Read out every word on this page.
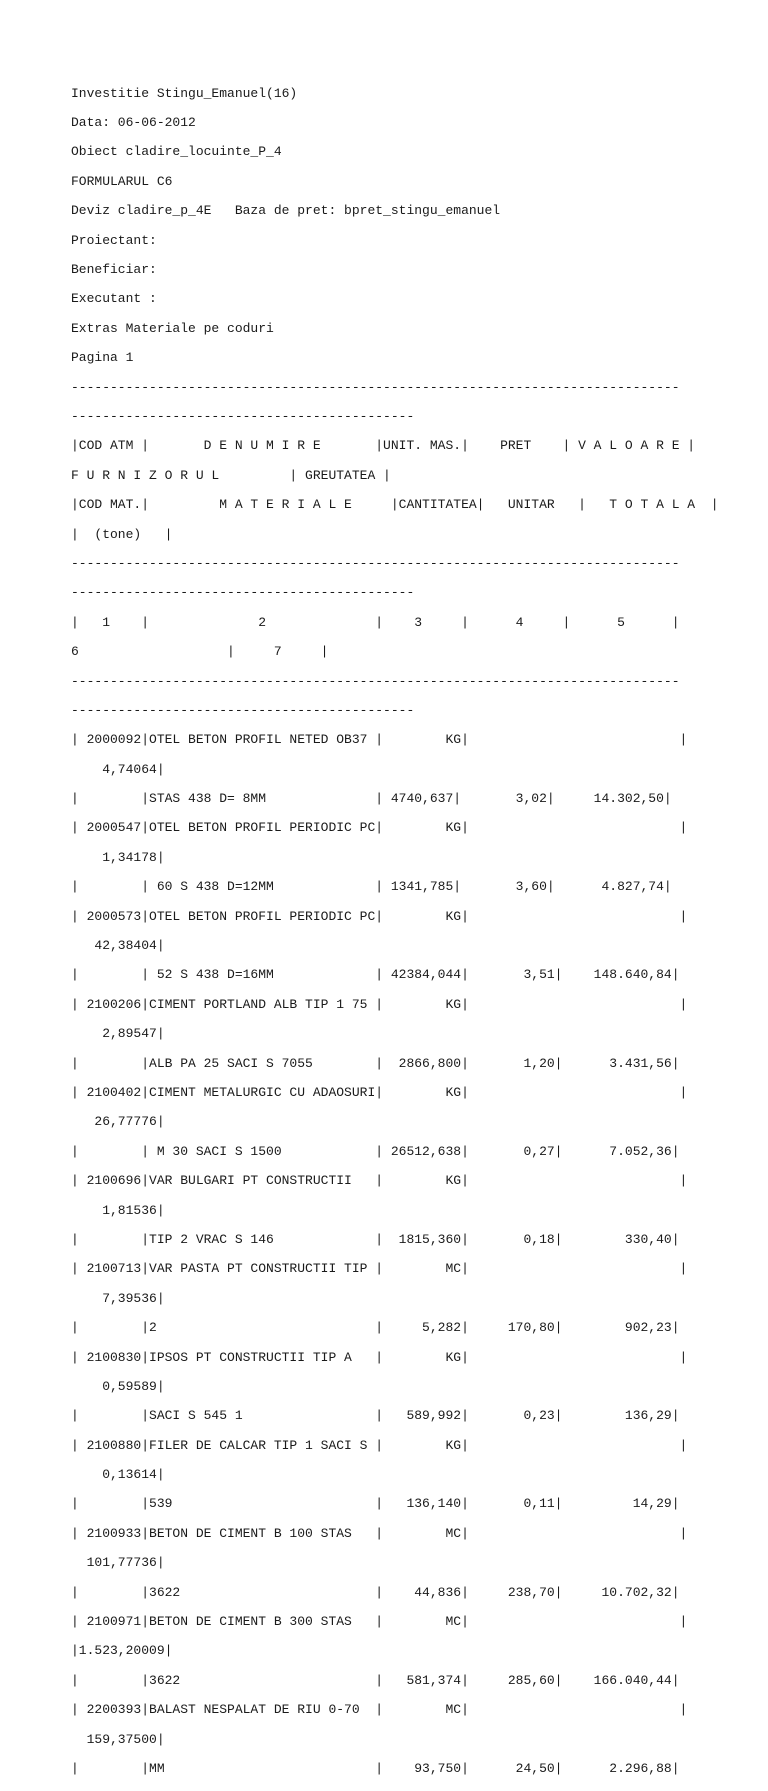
Investitie Stingu_Emanuel(16)

Data: 06-06-2012

Obiect cladire_locuinte_P_4

FORMULARUL C6

Deviz cladire_p_4E   Baza de pret: bpret_stingu_emanuel

Proiectant:

Beneficiar:

Executant :

Extras Materiale pe coduri

Pagina 1

------------------------------------------------------------------------------

--------------------------------------------

|COD ATM |       D E N U M I R E       |UNIT. MAS.|    PRET    | V A L O A R E |

F U R N I Z O R U L         | GREUTATEA |

|COD MAT.|         M A T E R I A L E     |CANTITATEA|   UNITAR   |   T O T A L A  |

|  (tone)   |

------------------------------------------------------------------------------

--------------------------------------------

|   1    |              2              |    3     |      4     |      5      |

6                   |     7     |

------------------------------------------------------------------------------

--------------------------------------------

| 2000092|OTEL BETON PROFIL NETED OB37 |        KG|                           |

4,74064|

|        |STAS 438 D= 8MM              | 4740,637|       3,02|     14.302,50|

| 2000547|OTEL BETON PROFIL PERIODIC PC|        KG|                           |

1,34178|

|        | 60 S 438 D=12MM             | 1341,785|       3,60|      4.827,74|

| 2000573|OTEL BETON PROFIL PERIODIC PC|        KG|                           |

42,38404|

|        | 52 S 438 D=16MM             | 42384,044|       3,51|    148.640,84|

| 2100206|CIMENT PORTLAND ALB TIP 1 75 |        KG|                           |

2,89547|

|        |ALB PA 25 SACI S 7055        |  2866,800|       1,20|      3.431,56|

| 2100402|CIMENT METALURGIC CU ADAOSURI|        KG|                           |

26,77776|

|        | M 30 SACI S 1500            | 26512,638|       0,27|      7.052,36|

| 2100696|VAR BULGARI PT CONSTRUCTII   |        KG|                           |

1,81536|

|        |TIP 2 VRAC S 146             |  1815,360|       0,18|        330,40|

| 2100713|VAR PASTA PT CONSTRUCTII TIP |        MC|                           |

7,39536|

|        |2                            |     5,282|     170,80|        902,23|

| 2100830|IPSOS PT CONSTRUCTII TIP A   |        KG|                           |

0,59589|

|        |SACI S 545 1                 |   589,992|       0,23|        136,29|

| 2100880|FILER DE CALCAR TIP 1 SACI S |        KG|                           |

0,13614|

|        |539                          |   136,140|       0,11|         14,29|

| 2100933|BETON DE CIMENT B 100 STAS   |        MC|                           |

101,77736|

|        |3622                         |    44,836|     238,70|     10.702,32|

| 2100971|BETON DE CIMENT B 300 STAS   |        MC|                           |

|1.523,20009|

|        |3622                         |   581,374|     285,60|    166.040,44|

| 2200393|BALAST NESPALAT DE RIU 0-70  |        MC|                           |

159,37500|

|        |MM                           |    93,750|      24,50|      2.296,88|
